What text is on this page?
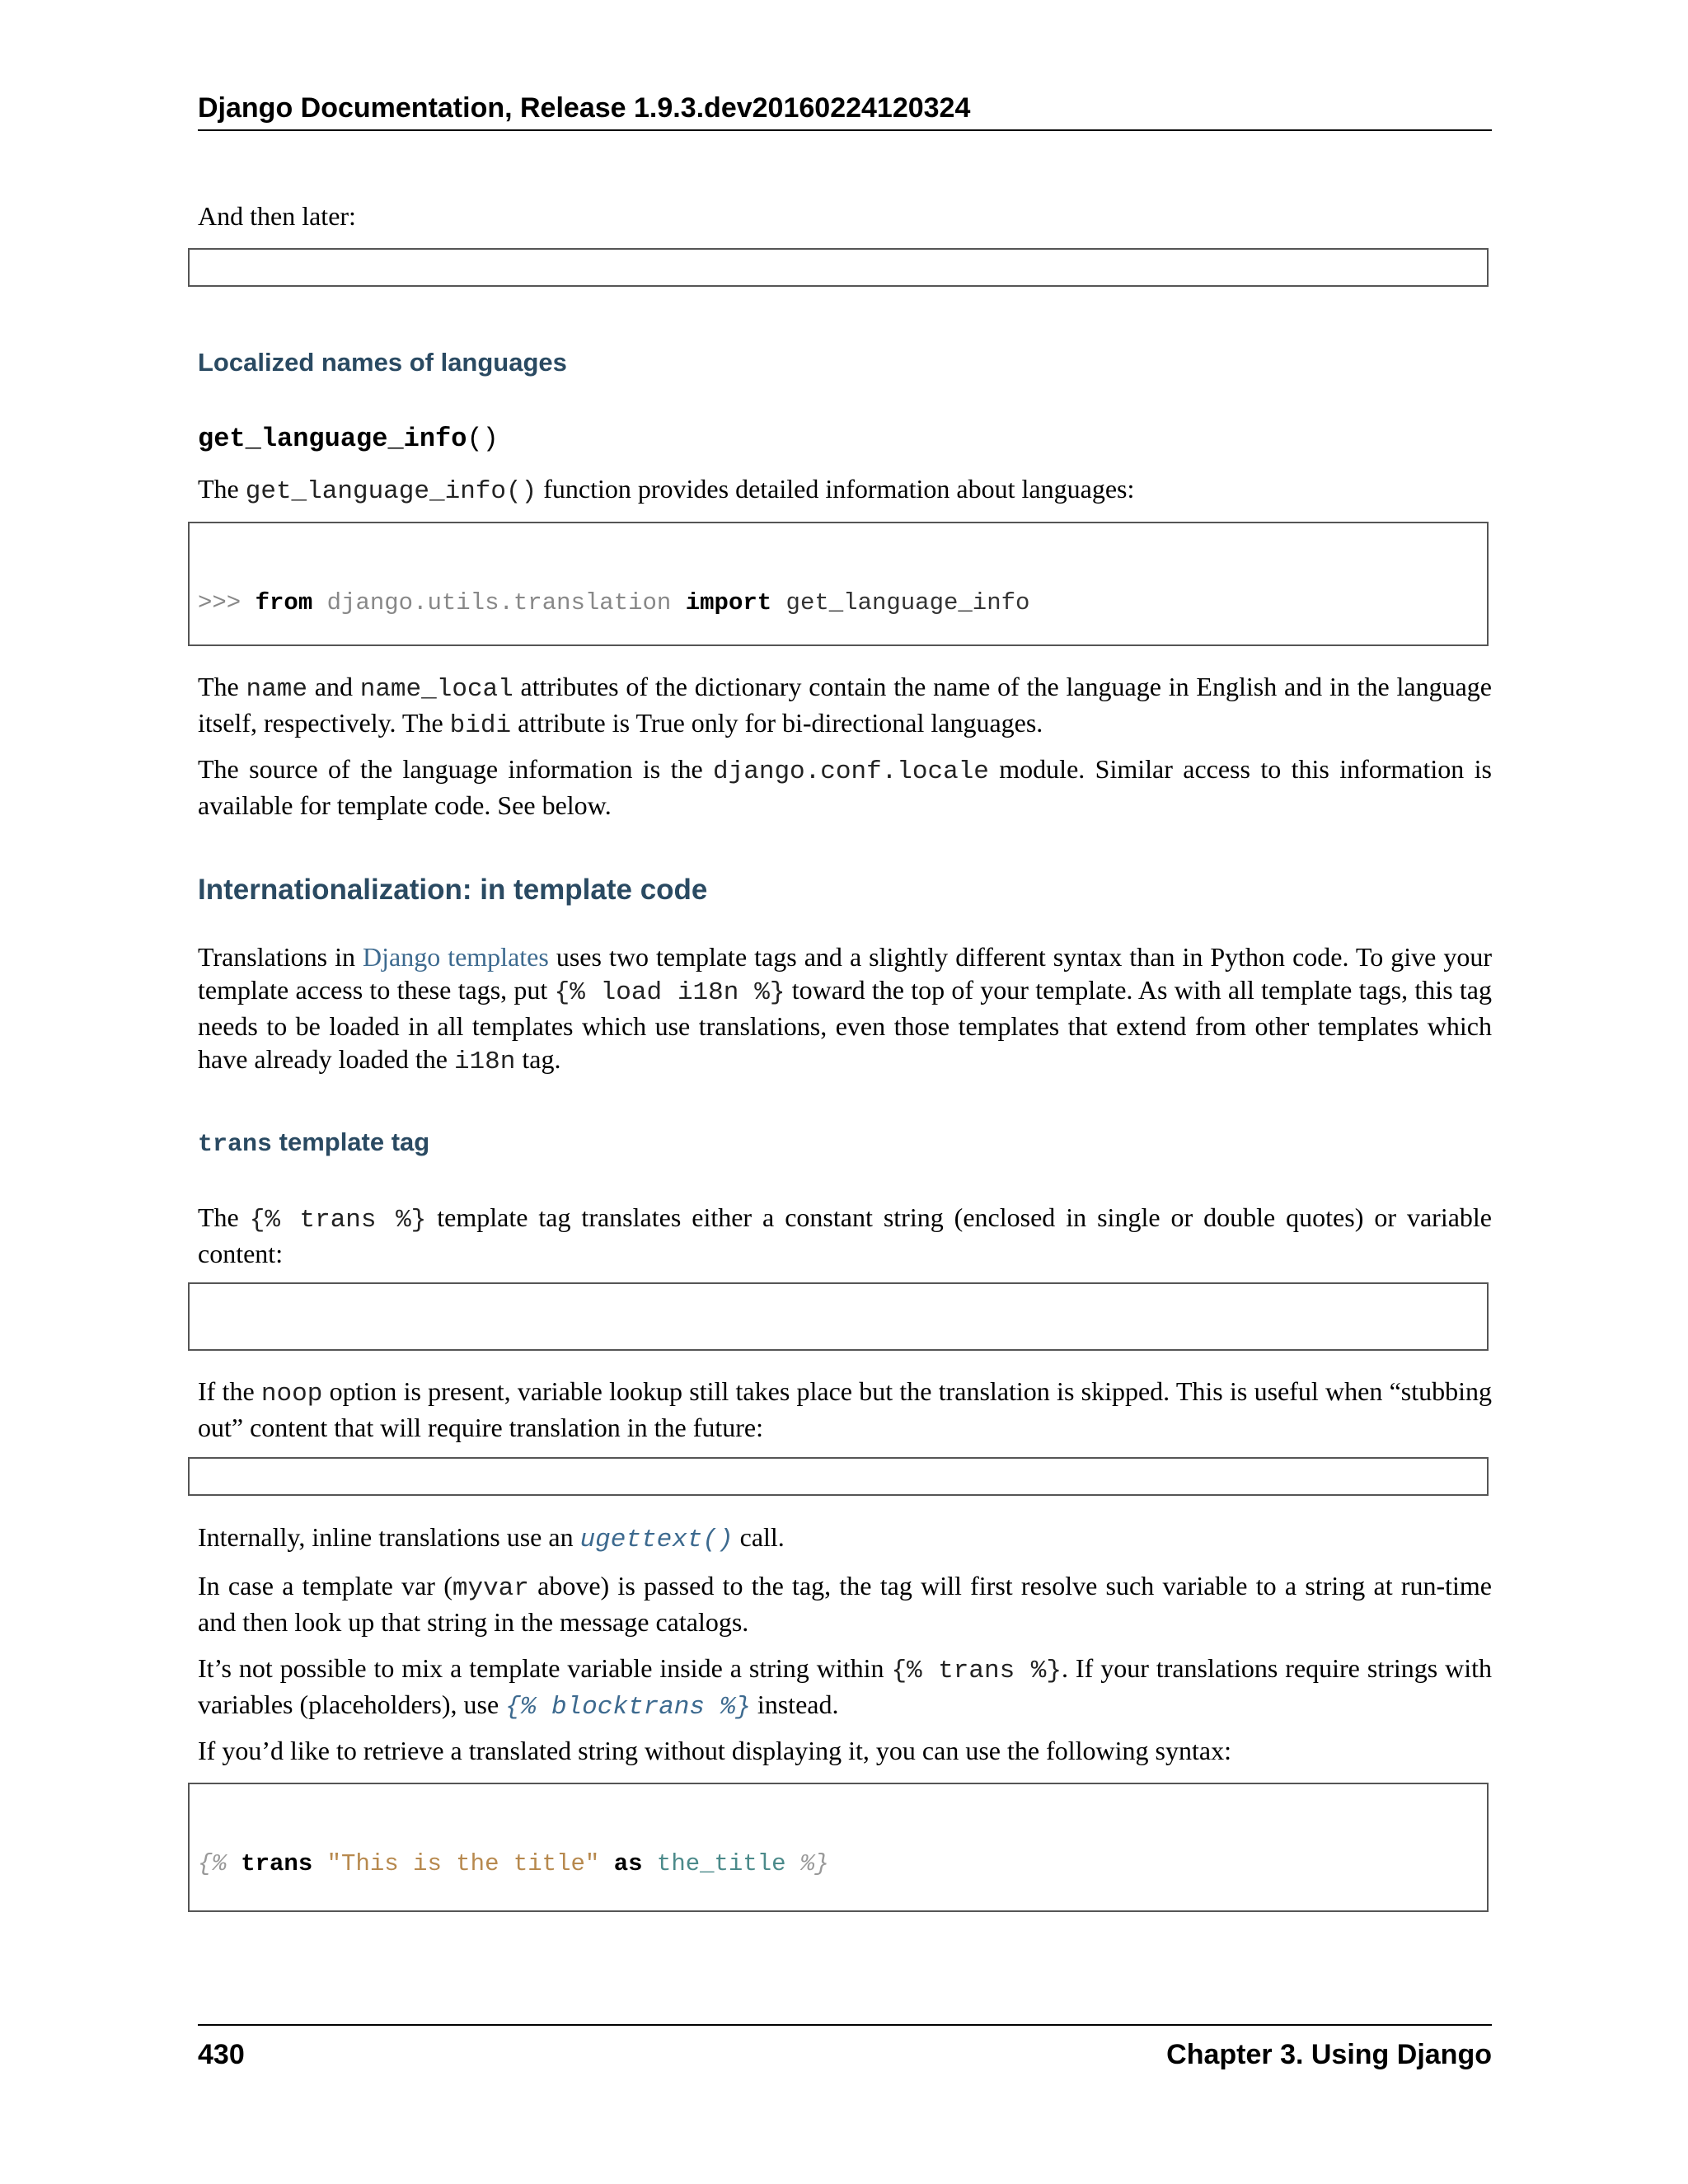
Django Documentation, Release 1.9.3.dev20160224120324
And then later:

Localized names of languages
get_language_info()
The get_language_info() function provides detailed information about languages:

>>> from django.utils.translation import get_language_info

The name and name_local attributes of the dictionary contain the name of the language in English and in the language itself, respectively. The bidi attribute is True only for bi-directional languages.
The source of the language information is the django.conf.locale module. Similar access to this information is available for template code. See below.
Internationalization: in template code
Translations in Django templates uses two template tags and a slightly different syntax than in Python code. To give your template access to these tags, put {% load i18n %} toward the top of your template. As with all template tags, this tag needs to be loaded in all templates which use translations, even those templates that extend from other templates which have already loaded the i18n tag.
trans template tag
The {% trans %} template tag translates either a constant string (enclosed in single or double quotes) or variable content:

If the noop option is present, variable lookup still takes place but the translation is skipped. This is useful when “stubbing out” content that will require translation in the future:

Internally, inline translations use an ugettext() call.
In case a template var (myvar above) is passed to the tag, the tag will first resolve such variable to a string at run-time and then look up that string in the message catalogs.
It’s not possible to mix a template variable inside a string within {% trans %}. If your translations require strings with variables (placeholders), use {% blocktrans %} instead.
If you’d like to retrieve a translated string without displaying it, you can use the following syntax:

{% trans "This is the title" as the_title %}

430	Chapter 3. Using Django
